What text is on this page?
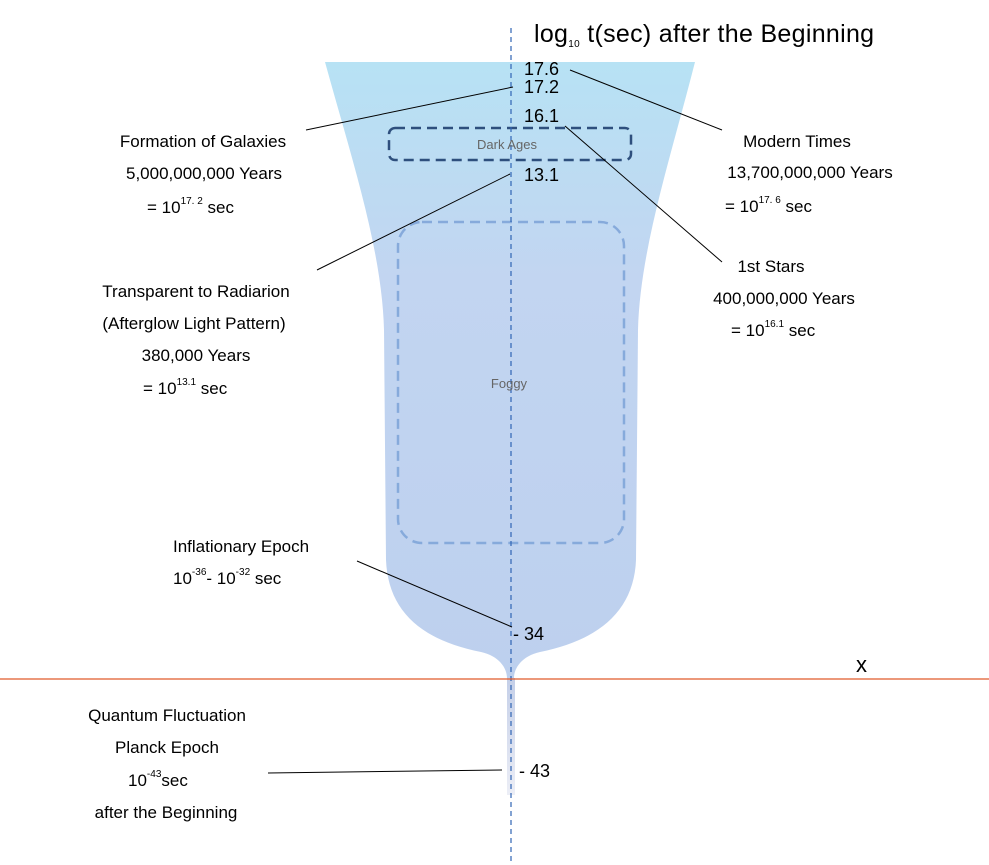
$\log_{10} t(\sec)$ after the Beginning
17.6
17.2
16.1
13.1
- 34
- 43
Dark Ages
Foggy
x
Formation of Galaxies
5,000,000,000 Years
= $10^{17. 2}$ sec
Modern Times
13,700,000,000 Years
= $10^{17. 6}$ sec
1st Stars
400,000,000 Years
= $10^{16.1}$ sec
Transparent to Radiarion
(Afterglow Light Pattern)
380,000 Years
= $10^{13.1}$ sec
Inflationary Epoch
$10^{-36}-$ $10^{-32}$ sec
Quantum Fluctuation
Planck Epoch
$10^{-43}\sec$
after the Beginning
